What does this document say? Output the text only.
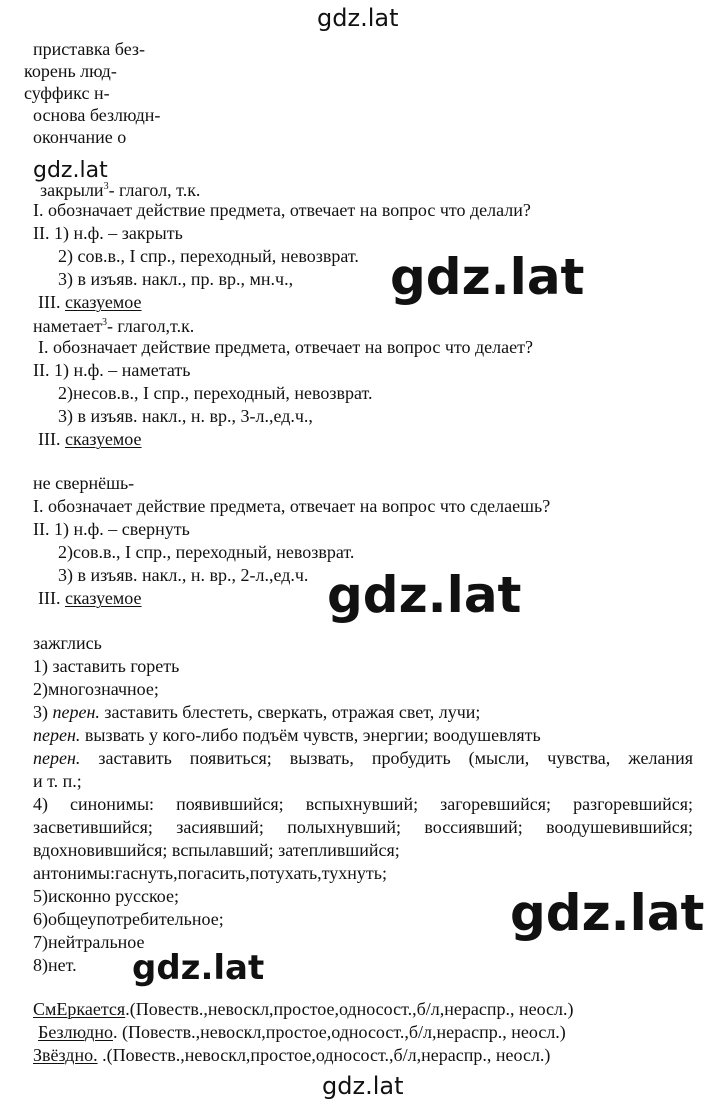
gdz.lat
gdz.lat
gdz.lat
gdz.lat
gdz.lat
gdz.lat
gdz.lat
приставка без-
корень люд-
суффикс н-
основа безлюдн-
окончание о
закрыли$^3$- глагол, т.к.
I. обозначает действие предмета, отвечает на вопрос что делали?
II. 1) н.ф. – закрыть
2) сов.в., I спр., переходный, невозврат.
3) в изъяв. накл., пр. вр., мн.ч.,
III. сказуемое
наметает$^3$- глагол,т.к.
I. обозначает действие предмета, отвечает на вопрос что делает?
II. 1) н.ф. – наметать
2)несов.в., I спр., переходный, невозврат.
3) в изъяв. накл., н. вр., 3-л.,ед.ч.,
III. сказуемое
не свернёшь-
I. обозначает действие предмета, отвечает на вопрос что сделаешь?
II. 1) н.ф. – свернуть
2)сов.в., I спр., переходный, невозврат.
3) в изъяв. накл., н. вр., 2-л.,ед.ч.
III. сказуемое
зажглись
1) заставить гореть
2)многозначное;
3) перен. заставить блестеть, сверкать, отражая свет, лучи;
перен. вызвать у кого-либо подъём чувств, энергии; воодушевлять
перен. заставить появиться; вызвать, пробудить (мысли, чувства, желания
и т. п.;
4) синонимы: появившийся; вспыхнувший; загоревшийся; разгоревшийся;
засветившийся; засиявший; полыхнувший; воссиявший; воодушевившийся;
вдохновившийся; вспылавший; затеплившийся;
антонимы:гаснуть,погасить,потухать,тухнуть;
5)исконно русское;
6)общеупотребительное;
7)нейтральное
8)нет.
СмЕркается.(Повеств.,невоскл,простое,односост.,б/л,нераспр., неосл.)
Безлюдно. (Повеств.,невоскл,простое,односост.,б/л,нераспр., неосл.)
Звёздно. .(Повеств.,невоскл,простое,односост.,б/л,нераспр., неосл.)
